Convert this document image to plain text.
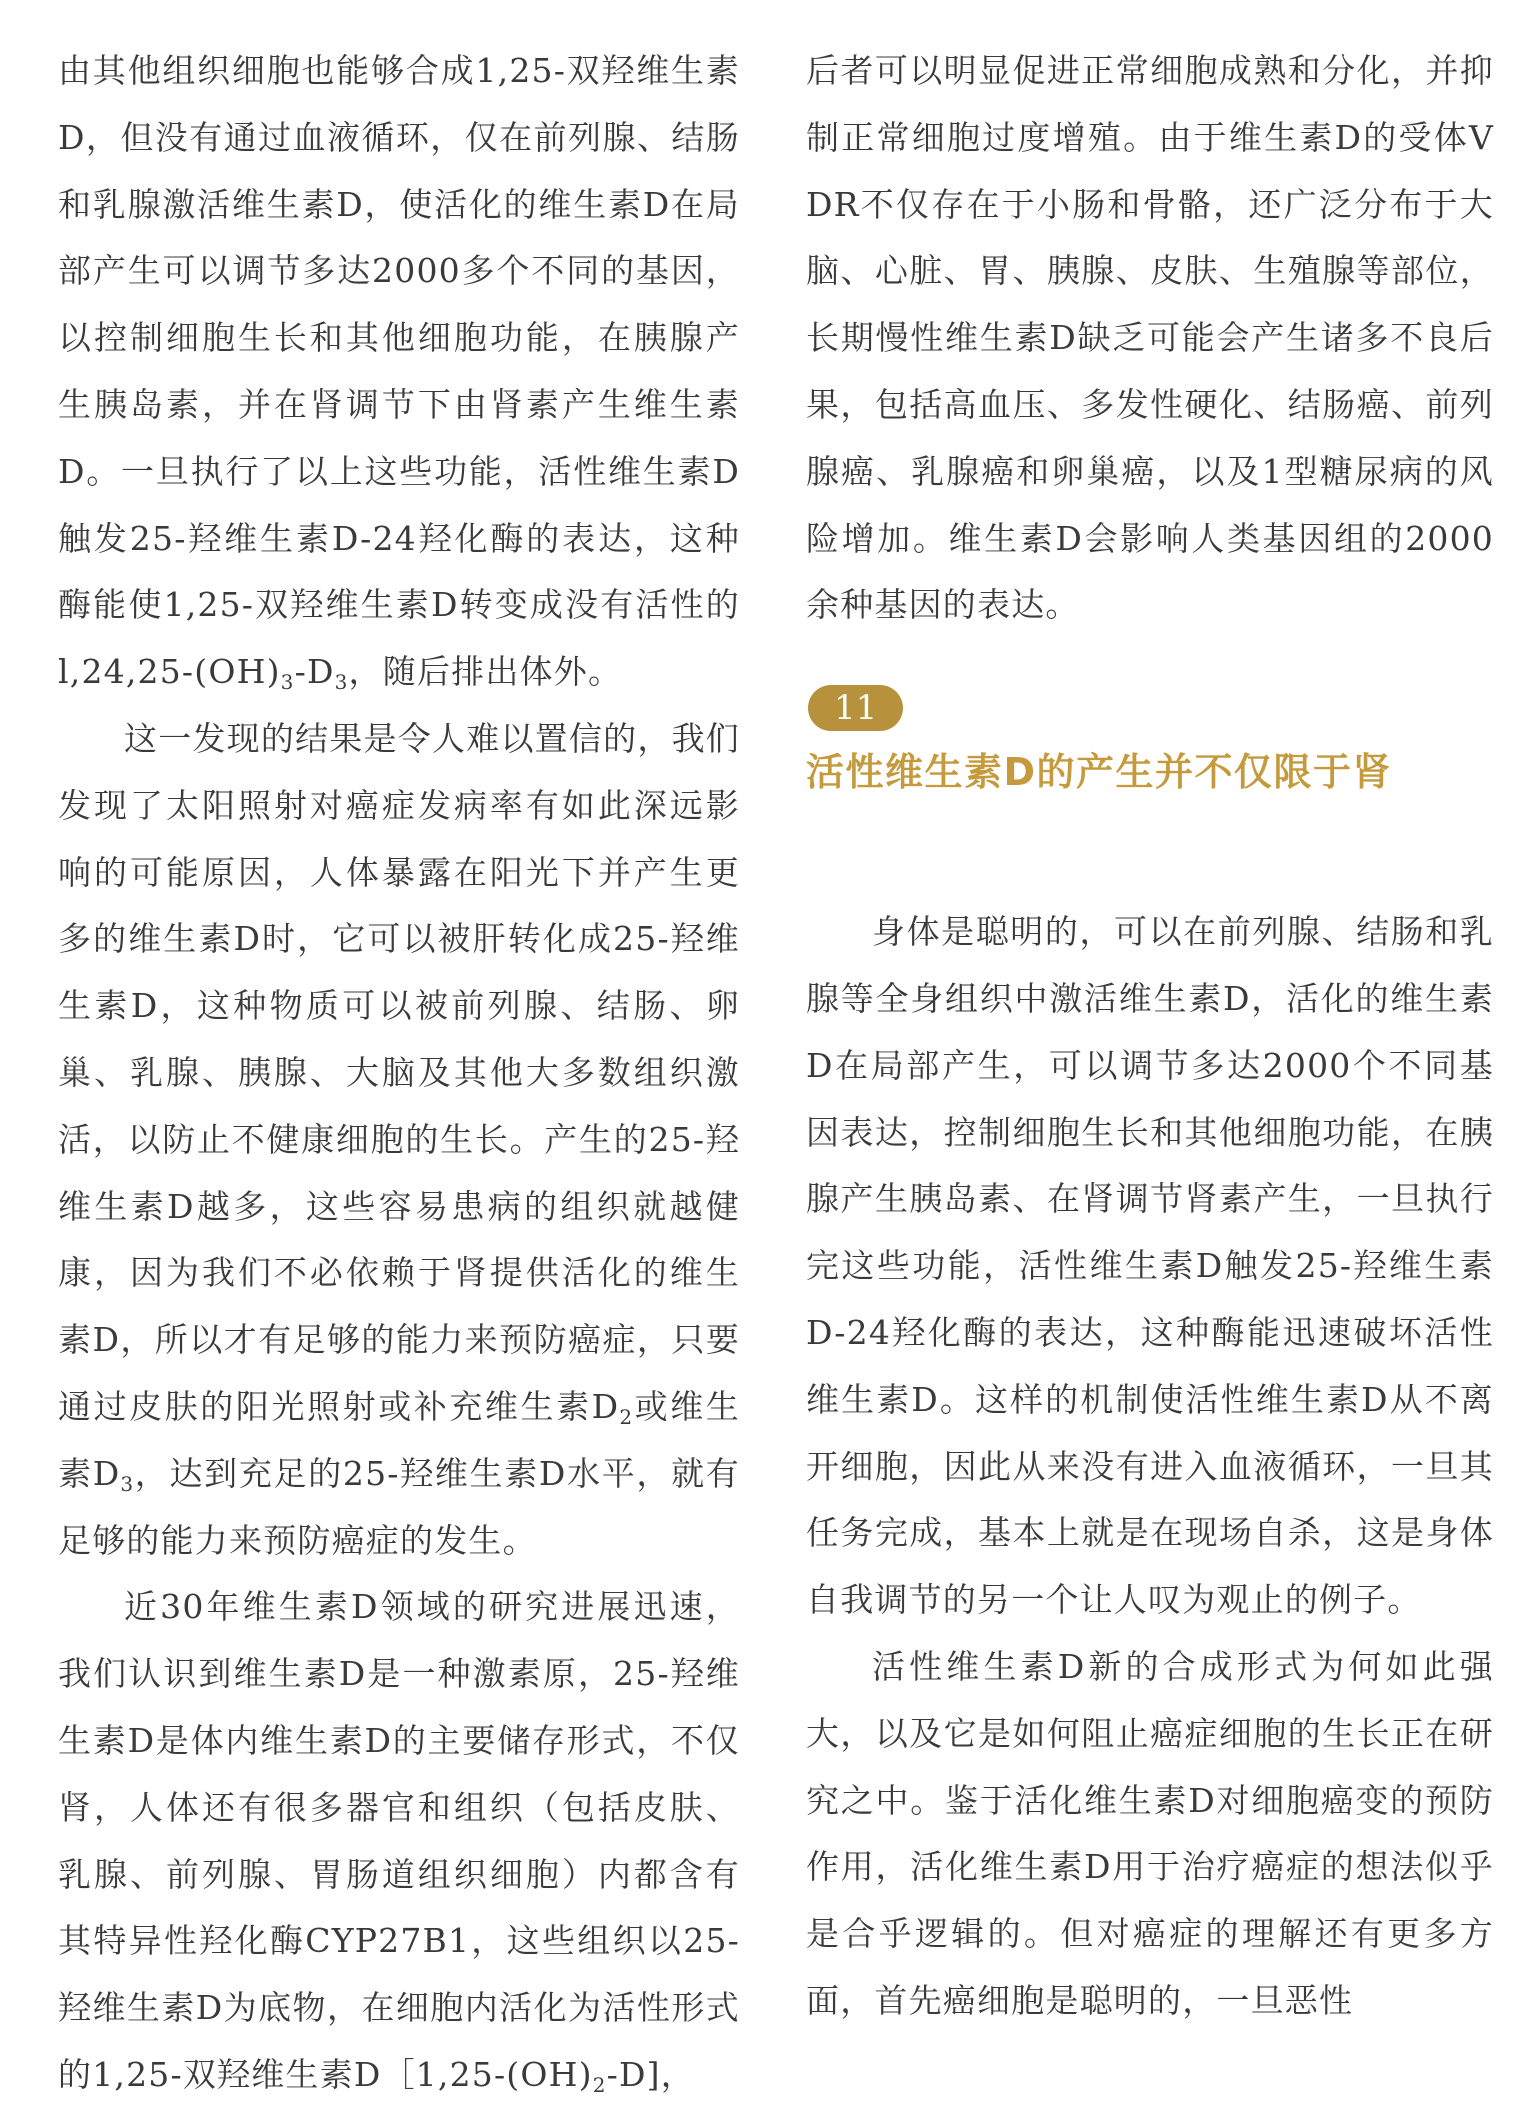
由其他组织细胞也能够合成1,25-双羟维生素D，但没有通过血液循环，仅在前列腺、结肠和乳腺激活维生素D，使活化的维生素D在局部产生可以调节多达2000多个不同的基因，以控制细胞生长和其他细胞功能，在胰腺产生胰岛素，并在肾调节下由肾素产生维生素D。一旦执行了以上这些功能，活性维生素D触发25-羟维生素D-24羟化酶的表达，这种酶能使1,25-双羟维生素D转变成没有活性的$l,24,25-(OH)_3-D_3$，随后排出体外。

这一发现的结果是令人难以置信的，我们发现了太阳照射对癌症发病率有如此深远影响的可能原因，人体暴露在阳光下并产生更多的维生素D时，它可以被肝转化成25-羟维生素D，这种物质可以被前列腺、结肠、卵巢、乳腺、胰腺、大脑及其他大多数组织激活，以防止不健康细胞的生长。产生的25-羟维生素D越多，这些容易患病的组织就越健康，因为我们不必依赖于肾提供活化的维生素D，所以才有足够的能力来预防癌症，只要通过皮肤的阳光照射或补充维生素$D_2$或维生素$D_3$，达到充足的25-羟维生素D水平，就有足够的能力来预防癌症的发生。

近30年维生素D领域的研究进展迅速，我们认识到维生素D是一种激素原，25-羟维生素D是体内维生素D的主要储存形式，不仅肾，人体还有很多器官和组织（包括皮肤、乳腺、前列腺、胃肠道组织细胞）内都含有其特异性羟化酶CYP27B1，这些组织以25-羟维生素D为底物，在细胞内活化为活性形式的1,25-双羟维生素$D[1,25-(OH)_2-D$]，

后者可以明显促进正常细胞成熟和分化，并抑制正常细胞过度增殖。由于维生素D的受体VDR不仅存在于小肠和骨骼，还广泛分布于大脑、心脏、胃、胰腺、皮肤、生殖腺等部位，长期慢性维生素D缺乏可能会产生诸多不良后果，包括高血压、多发性硬化、结肠癌、前列腺癌、乳腺癌和卵巢癌，以及1型糖尿病的风险增加。维生素D会影响人类基因组的2000余种基因的表达。

11
活性维生素D的产生并不仅限于肾

身体是聪明的，可以在前列腺、结肠和乳腺等全身组织中激活维生素D，活化的维生素D在局部产生，可以调节多达2000个不同基因表达，控制细胞生长和其他细胞功能，在胰腺产生胰岛素、在肾调节肾素产生，一旦执行完这些功能，活性维生素D触发25-羟维生素D-24羟化酶的表达，这种酶能迅速破坏活性维生素D。这样的机制使活性维生素D从不离开细胞，因此从来没有进入血液循环，一旦其任务完成，基本上就是在现场自杀，这是身体自我调节的另一个让人叹为观止的例子。

活性维生素D新的合成形式为何如此强大，以及它是如何阻止癌症细胞的生长正在研究之中。鉴于活化维生素D对细胞癌变的预防作用，活化维生素D用于治疗癌症的想法似乎是合乎逻辑的。但对癌症的理解还有更多方面，首先癌细胞是聪明的，一旦恶性
